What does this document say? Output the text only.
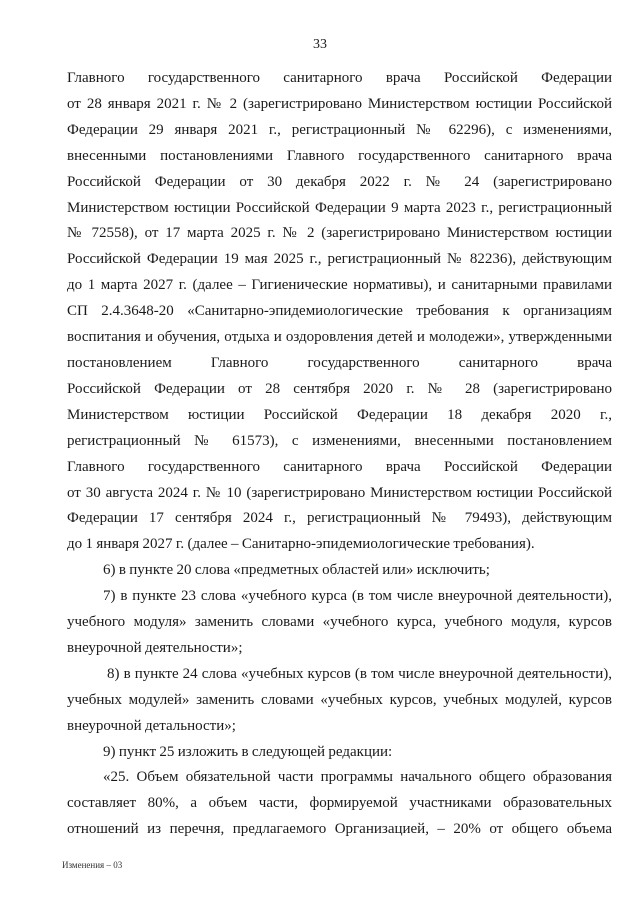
33
Главного государственного санитарного врача Российской Федерации
от 28 января 2021 г. № 2 (зарегистрировано Министерством юстиции Российской
Федерации 29 января 2021 г., регистрационный № 62296), с изменениями,
внесенными постановлениями Главного государственного санитарного врача
Российской Федерации от 30 декабря 2022 г. № 24 (зарегистрировано
Министерством юстиции Российской Федерации 9 марта 2023 г., регистрационный
№ 72558), от 17 марта 2025 г. № 2 (зарегистрировано Министерством юстиции
Российской Федерации 19 мая 2025 г., регистрационный № 82236), действующим
до 1 марта 2027 г. (далее – Гигиенические нормативы), и санитарными правилами
СП 2.4.3648-20 «Санитарно-эпидемиологические требования к организациям
воспитания и обучения, отдыха и оздоровления детей и молодежи», утвержденными
постановлением Главного государственного санитарного врача
Российской Федерации от 28 сентября 2020 г. № 28 (зарегистрировано
Министерством юстиции Российской Федерации 18 декабря 2020 г.,
регистрационный № 61573), с изменениями, внесенными постановлением
Главного государственного санитарного врача Российской Федерации
от 30 августа 2024 г. № 10 (зарегистрировано Министерством юстиции Российской
Федерации 17 сентября 2024 г., регистрационный № 79493), действующим
до 1 января 2027 г. (далее – Санитарно-эпидемиологические требования).
6) в пункте 20 слова «предметных областей или» исключить;
7) в пункте 23 слова «учебного курса (в том числе внеурочной деятельности),
учебного модуля» заменить словами «учебного курса, учебного модуля, курсов
внеурочной деятельности»;
8) в пункте 24 слова «учебных курсов (в том числе внеурочной деятельности),
учебных модулей» заменить словами «учебных курсов, учебных модулей, курсов
внеурочной детальности»;
9) пункт 25 изложить в следующей редакции:
«25. Объем обязательной части программы начального общего образования
составляет 80%, а объем части, формируемой участниками образовательных
отношений из перечня, предлагаемого Организацией, – 20% от общего объема
Изменения – 03
